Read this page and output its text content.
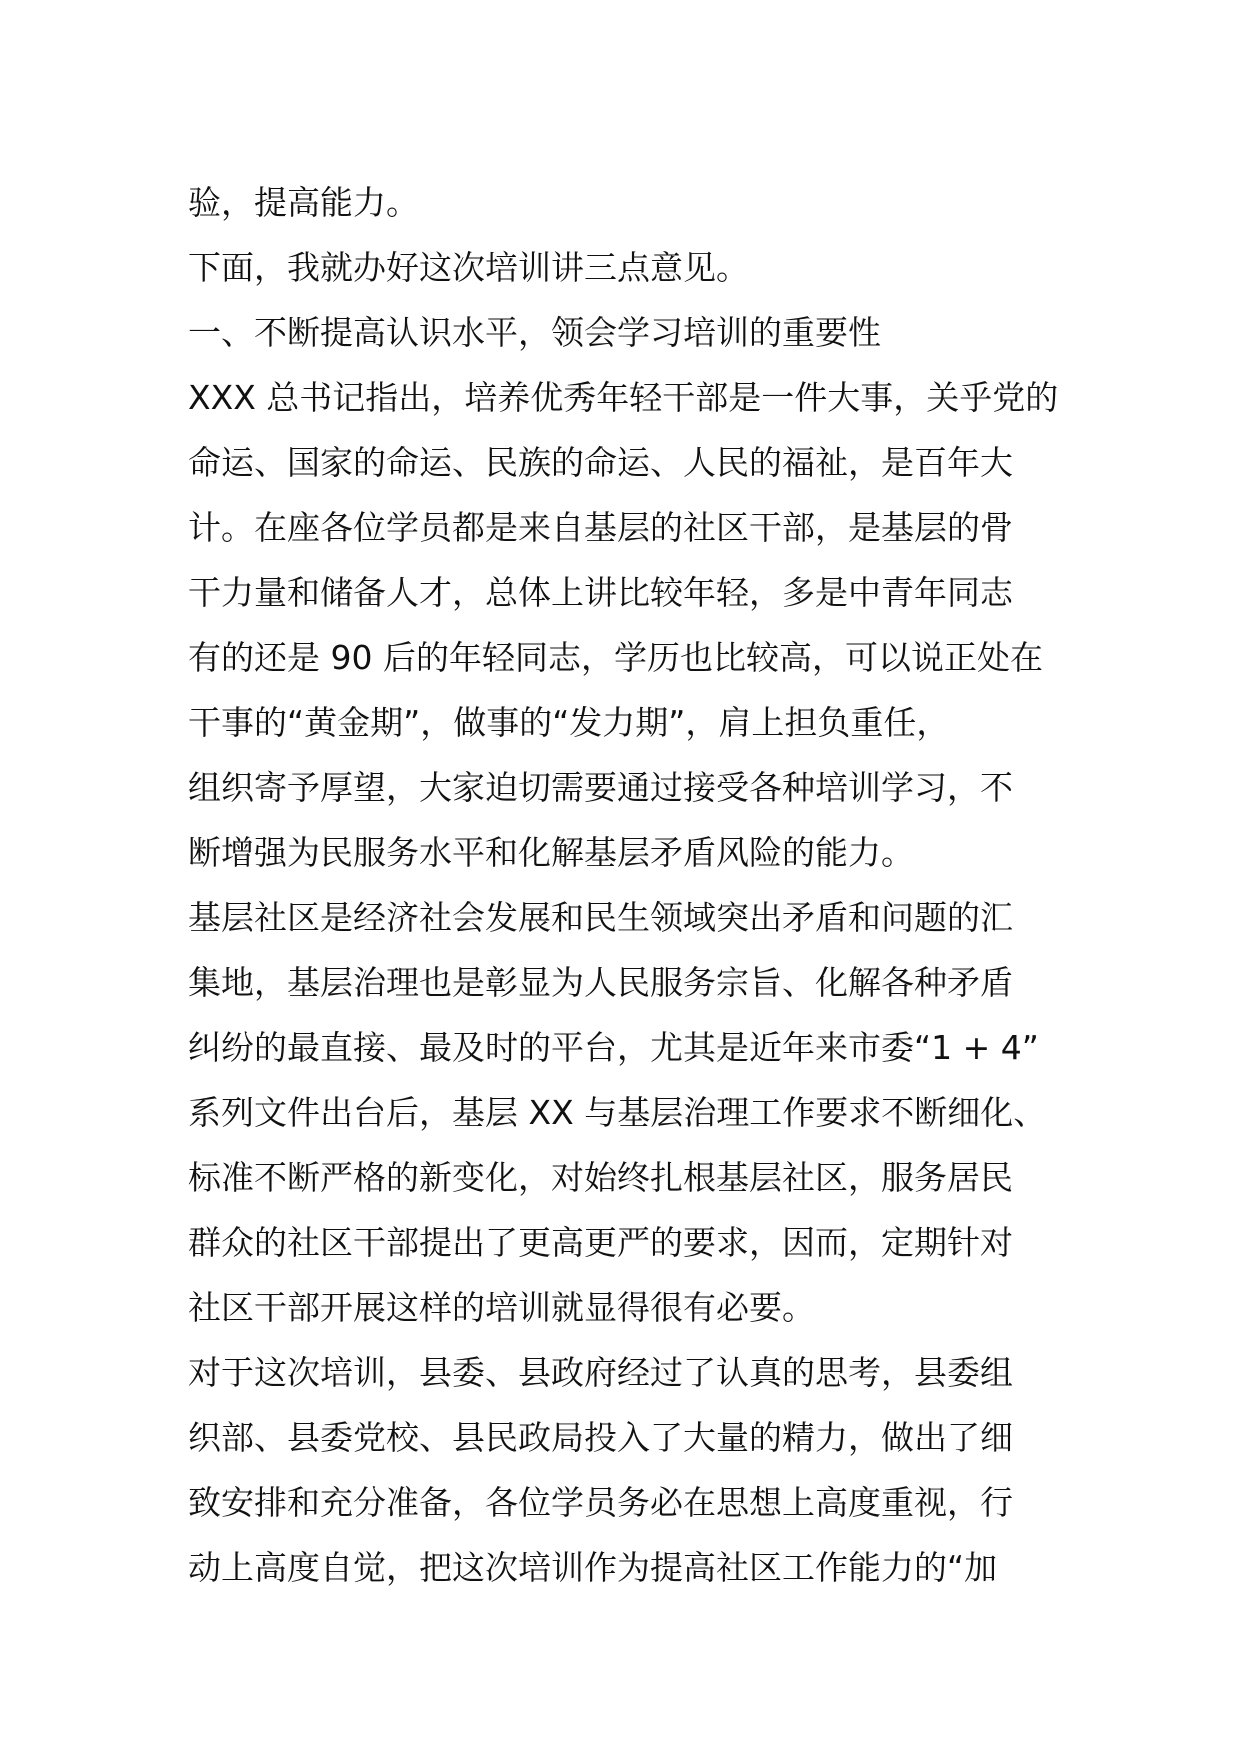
验，提高能力。
下面，我就办好这次培训讲三点意见。
一、不断提高认识水平，领会学习培训的重要性
XXX 总书记指出，培养优秀年轻干部是一件大事，关乎党的
命运、国家的命运、民族的命运、人民的福祉，是百年大
计。在座各位学员都是来自基层的社区干部，是基层的骨
干力量和储备人才，总体上讲比较年轻，多是中青年同志
有的还是 90 后的年轻同志，学历也比较高，可以说正处在
干事的“黄金期”，做事的“发力期”，肩上担负重任，
组织寄予厚望，大家迫切需要通过接受各种培训学习，不
断增强为民服务水平和化解基层矛盾风险的能力。
基层社区是经济社会发展和民生领域突出矛盾和问题的汇
集地，基层治理也是彰显为人民服务宗旨、化解各种矛盾
纠纷的最直接、最及时的平台，尤其是近年来市委“1 + 4”
系列文件出台后，基层 XX 与基层治理工作要求不断细化、
标准不断严格的新变化，对始终扎根基层社区，服务居民
群众的社区干部提出了更高更严的要求，因而，定期针对
社区干部开展这样的培训就显得很有必要。
对于这次培训，县委、县政府经过了认真的思考，县委组
织部、县委党校、县民政局投入了大量的精力，做出了细
致安排和充分准备，各位学员务必在思想上高度重视，行
动上高度自觉，把这次培训作为提高社区工作能力的“加
